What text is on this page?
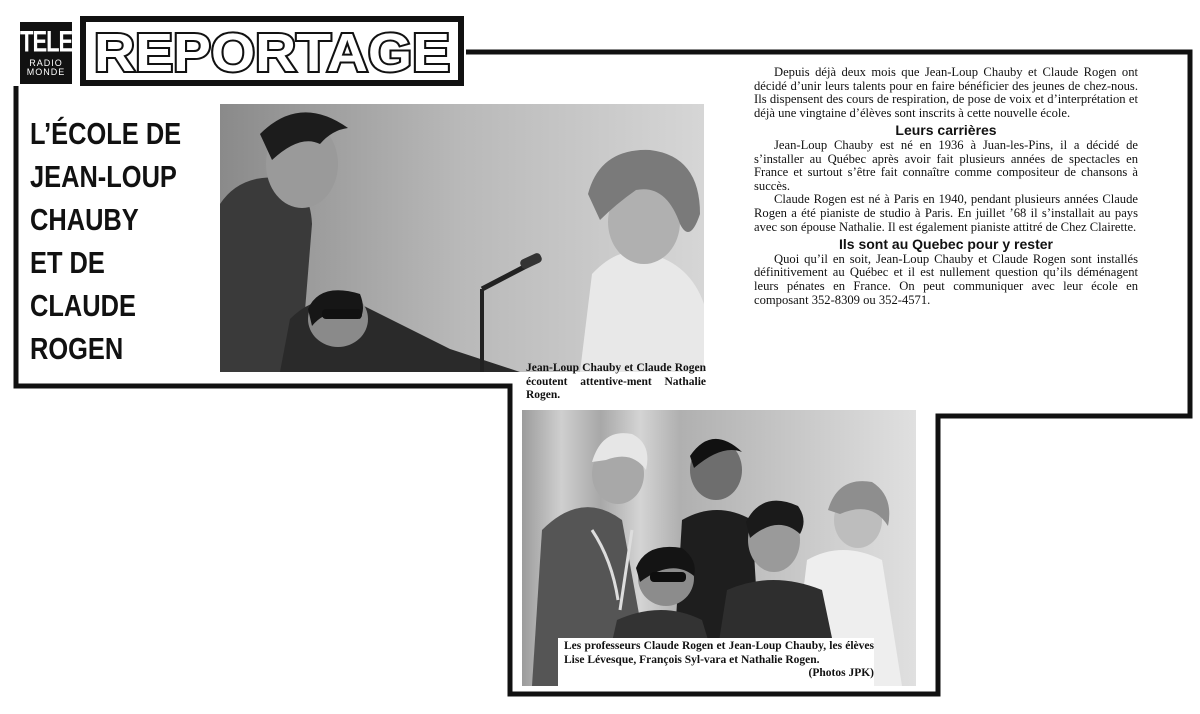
TELE
RADIO
MONDE REPORTAGE
L’ÉCOLE DE
JEAN-LOUP
CHAUBY
ET DE
CLAUDE
ROGEN
Jean-Loup Chauby et Claude Rogen écoutent attentive-ment Nathalie Rogen.

Depuis déjà deux mois que Jean-Loup Chauby et Claude Rogen ont décidé d’unir leurs talents pour en faire bénéficier des jeunes de chez-nous. Ils dispensent des cours de respiration, de pose de voix et d’interprétation et déjà une vingtaine d’élèves sont inscrits à cette nouvelle école.

Leurs carrières

Jean-Loup Chauby est né en 1936 à Juan-les-Pins, il a décidé de s’installer au Québec après avoir fait plusieurs années de spectacles en France et surtout s’être fait connaître comme compositeur de chansons à succès.

Claude Rogen est né à Paris en 1940, pendant plusieurs années Claude Rogen a été pianiste de studio à Paris. En juillet ’68 il s’installait au pays avec son épouse Nathalie. Il est également pianiste attitré de Chez Clairette.

Ils sont au Quebec pour y rester

Quoi qu’il en soit, Jean-Loup Chauby et Claude Rogen sont installés définitivement au Québec et il est nullement question qu’ils déménagent leurs pénates en France. On peut communiquer avec leur école en composant 352-8309 ou 352-4571.

Les professeurs Claude Rogen et Jean-Loup Chauby, les élèves Lise Lévesque, François Syl-vara et Nathalie Rogen.
(Photos JPK)
